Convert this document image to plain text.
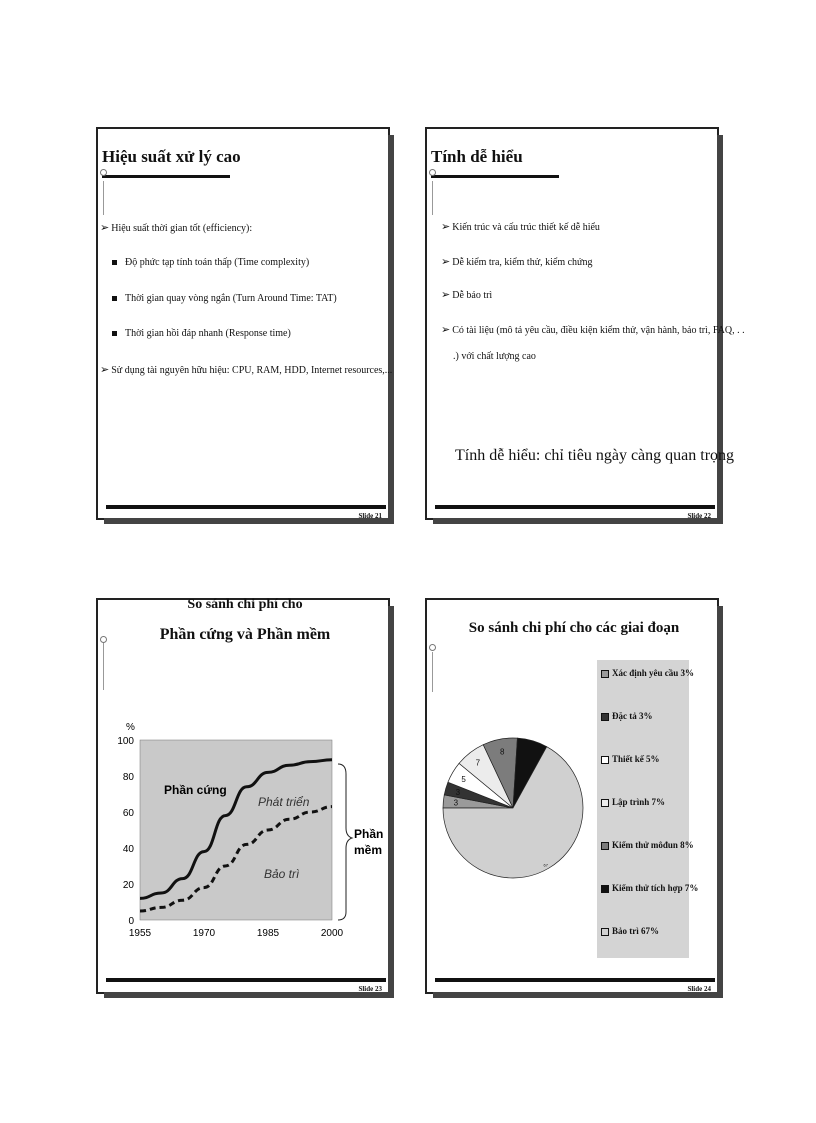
Hiệu suất xử lý cao
➢ Hiệu suất thời gian tốt (efficiency):
Độ phức tạp tính toán thấp (Time complexity)
Thời gian quay vòng ngắn (Turn Around Time: TAT)
Thời gian hồi đáp nhanh (Response time)
➢ Sử dụng tài nguyên hữu hiệu: CPU, RAM, HDD, Internet resources,...
Slide 21
Tính dễ hiểu
➢ Kiến trúc và cấu trúc thiết kế dễ hiểu
➢ Dễ kiểm tra, kiểm thử, kiểm chứng
➢ Dễ bảo trì
➢ Có tài liệu (mô tả yêu cầu, điều kiện kiểm thử, vận hành, bảo trì, FAQ, . .
.) với chất lượng cao
Tính dễ hiểu: chỉ tiêu ngày càng quan trọng
Slide 22
So sánh chi phí cho
Phần cứng và Phần mềm
100
80
60
40
20
0
1955	1970	1985	2000
%
Phần cứng
Phát triển
Bảo trì
Phần
mềm
Slide 23
So sánh chi phí cho các giai đoạn
3
3
5
7
8
67
Xác định yêu cầu 3%
Đặc tả 3%
Thiết kế 5%
Lập trình 7%
Kiểm thử môđun 8%
Kiểm thử tích hợp 7%
Bảo trì 67%
Slide 24
